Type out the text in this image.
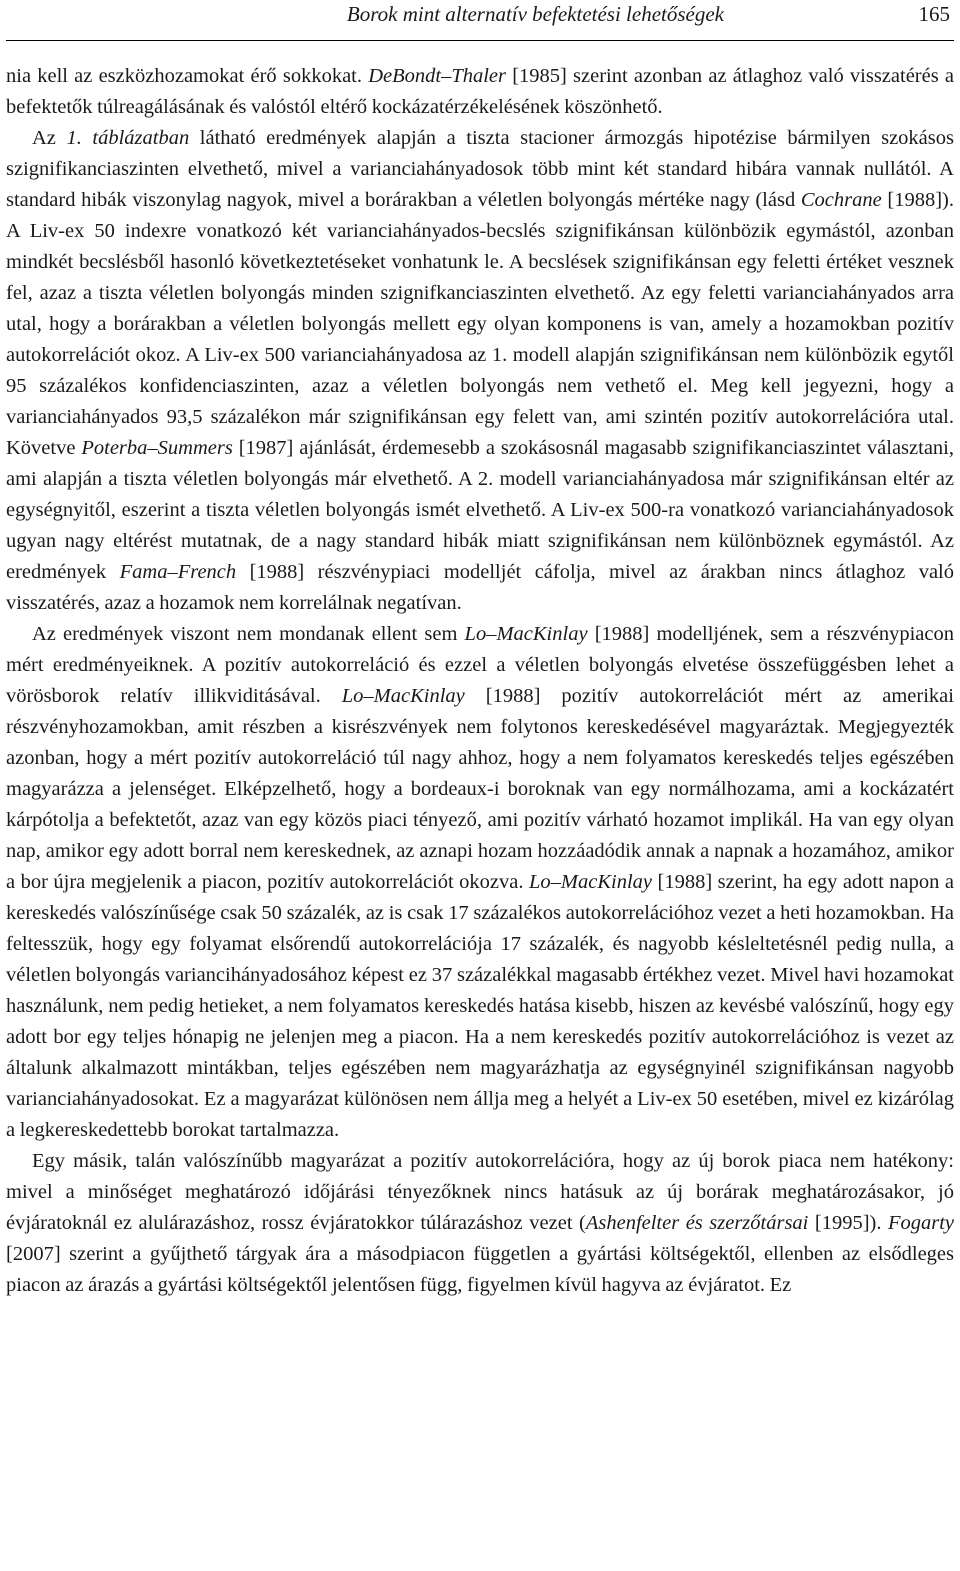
Borok mint alternatív befektetési lehetőségek	165

nia kell az eszközhozamokat érő sokkokat. DeBondt–Thaler [1985] szerint azonban az átlaghoz való visszatérés a befektetők túlreagálásának és valóstól eltérő kockázatérzékelésének köszönhető.

Az 1. táblázatban látható eredmények alapján a tiszta stacioner ármozgás hipotézise bármilyen szokásos szignifikanciaszinten elvethető, mivel a varianciahányadosok több mint két standard hibára vannak nullától. A standard hibák viszonylag nagyok, mivel a borárakban a véletlen bolyongás mértéke nagy (lásd Cochrane [1988]). A Liv-ex 50 indexre vonatkozó két varianciahányados-becslés szignifikánsan különbözik egymástól, azonban mindkét becslésből hasonló következtetéseket vonhatunk le. A becslések szignifikánsan egy feletti értéket vesznek fel, azaz a tiszta véletlen bolyongás minden szignifkanciaszinten elvethető. Az egy feletti varianciahányados arra utal, hogy a borárakban a véletlen bolyongás mellett egy olyan komponens is van, amely a hozamokban pozitív autokorrelációt okoz. A Liv-ex 500 varianciahányadosa az 1. modell alapján szignifikánsan nem különbözik egytől 95 százalékos konfidenciaszinten, azaz a véletlen bolyongás nem vethető el. Meg kell jegyezni, hogy a varianciahányados 93,5 százalékon már szignifikánsan egy felett van, ami szintén pozitív autokorrelációra utal. Követve Poterba–Summers [1987] ajánlását, érdemesebb a szokásosnál magasabb szignifikanciaszintet választani, ami alapján a tiszta véletlen bolyongás már elvethető. A 2. modell varianciahányadosa már szignifikánsan eltér az egységnyitől, eszerint a tiszta véletlen bolyongás ismét elvethető. A Liv-ex 500-ra vonatkozó varianciahányadosok ugyan nagy eltérést mutatnak, de a nagy standard hibák miatt szignifikánsan nem különböznek egymástól. Az eredmények Fama–French [1988] részvénypiaci modelljét cáfolja, mivel az árakban nincs átlaghoz való visszatérés, azaz a hozamok nem korrelálnak negatívan.

Az eredmények viszont nem mondanak ellent sem Lo–MacKinlay [1988] modelljének, sem a részvénypiacon mért eredményeiknek. A pozitív autokorreláció és ezzel a véletlen bolyongás elvetése összefüggésben lehet a vörösborok relatív illikviditásával. Lo–MacKinlay [1988] pozitív autokorrelációt mért az amerikai részvényhozamokban, amit részben a kisrészvények nem folytonos kereskedésével magyaráztak. Megjegyezték azonban, hogy a mért pozitív autokorreláció túl nagy ahhoz, hogy a nem folyamatos kereskedés teljes egészében magyarázza a jelenséget. Elképzelhető, hogy a bordeaux-i boroknak van egy normálhozama, ami a kockázatért kárpótolja a befektetőt, azaz van egy közös piaci tényező, ami pozitív várható hozamot implikál. Ha van egy olyan nap, amikor egy adott borral nem kereskednek, az aznapi hozam hozzáadódik annak a napnak a hozamához, amikor a bor újra megjelenik a piacon, pozitív autokorrelációt okozva. Lo–MacKinlay [1988] szerint, ha egy adott napon a kereskedés valószínűsége csak 50 százalék, az is csak 17 százalékos autokorrelációhoz vezet a heti hozamokban. Ha feltesszük, hogy egy folyamat elsőrendű autokorrelációja 17 százalék, és nagyobb késleltetésnél pedig nulla, a véletlen bolyongás variancihányadosához képest ez 37 százalékkal magasabb értékhez vezet. Mivel havi hozamokat használunk, nem pedig hetieket, a nem folyamatos kereskedés hatása kisebb, hiszen az kevésbé valószínű, hogy egy adott bor egy teljes hónapig ne jelenjen meg a piacon. Ha a nem kereskedés pozitív autokorrelációhoz is vezet az általunk alkalmazott mintákban, teljes egészében nem magyarázhatja az egységnyinél szignifikánsan nagyobb varianciahányadosokat. Ez a magyarázat különösen nem állja meg a helyét a Liv-ex 50 esetében, mivel ez kizárólag a legkereskedettebb borokat tartalmazza.

Egy másik, talán valószínűbb magyarázat a pozitív autokorrelációra, hogy az új borok piaca nem hatékony: mivel a minőséget meghatározó időjárási tényezőknek nincs hatásuk az új borárak meghatározásakor, jó évjáratoknál ez alulárazáshoz, rossz évjáratokkor túlárazáshoz vezet (Ashenfelter és szerzőtársai [1995]). Fogarty [2007] szerint a gyűjthető tárgyak ára a másodpiacon független a gyártási költségektől, ellenben az elsődleges piacon az árazás a gyártási költségektől jelentősen függ, figyelmen kívül hagyva az évjáratot. Ez
